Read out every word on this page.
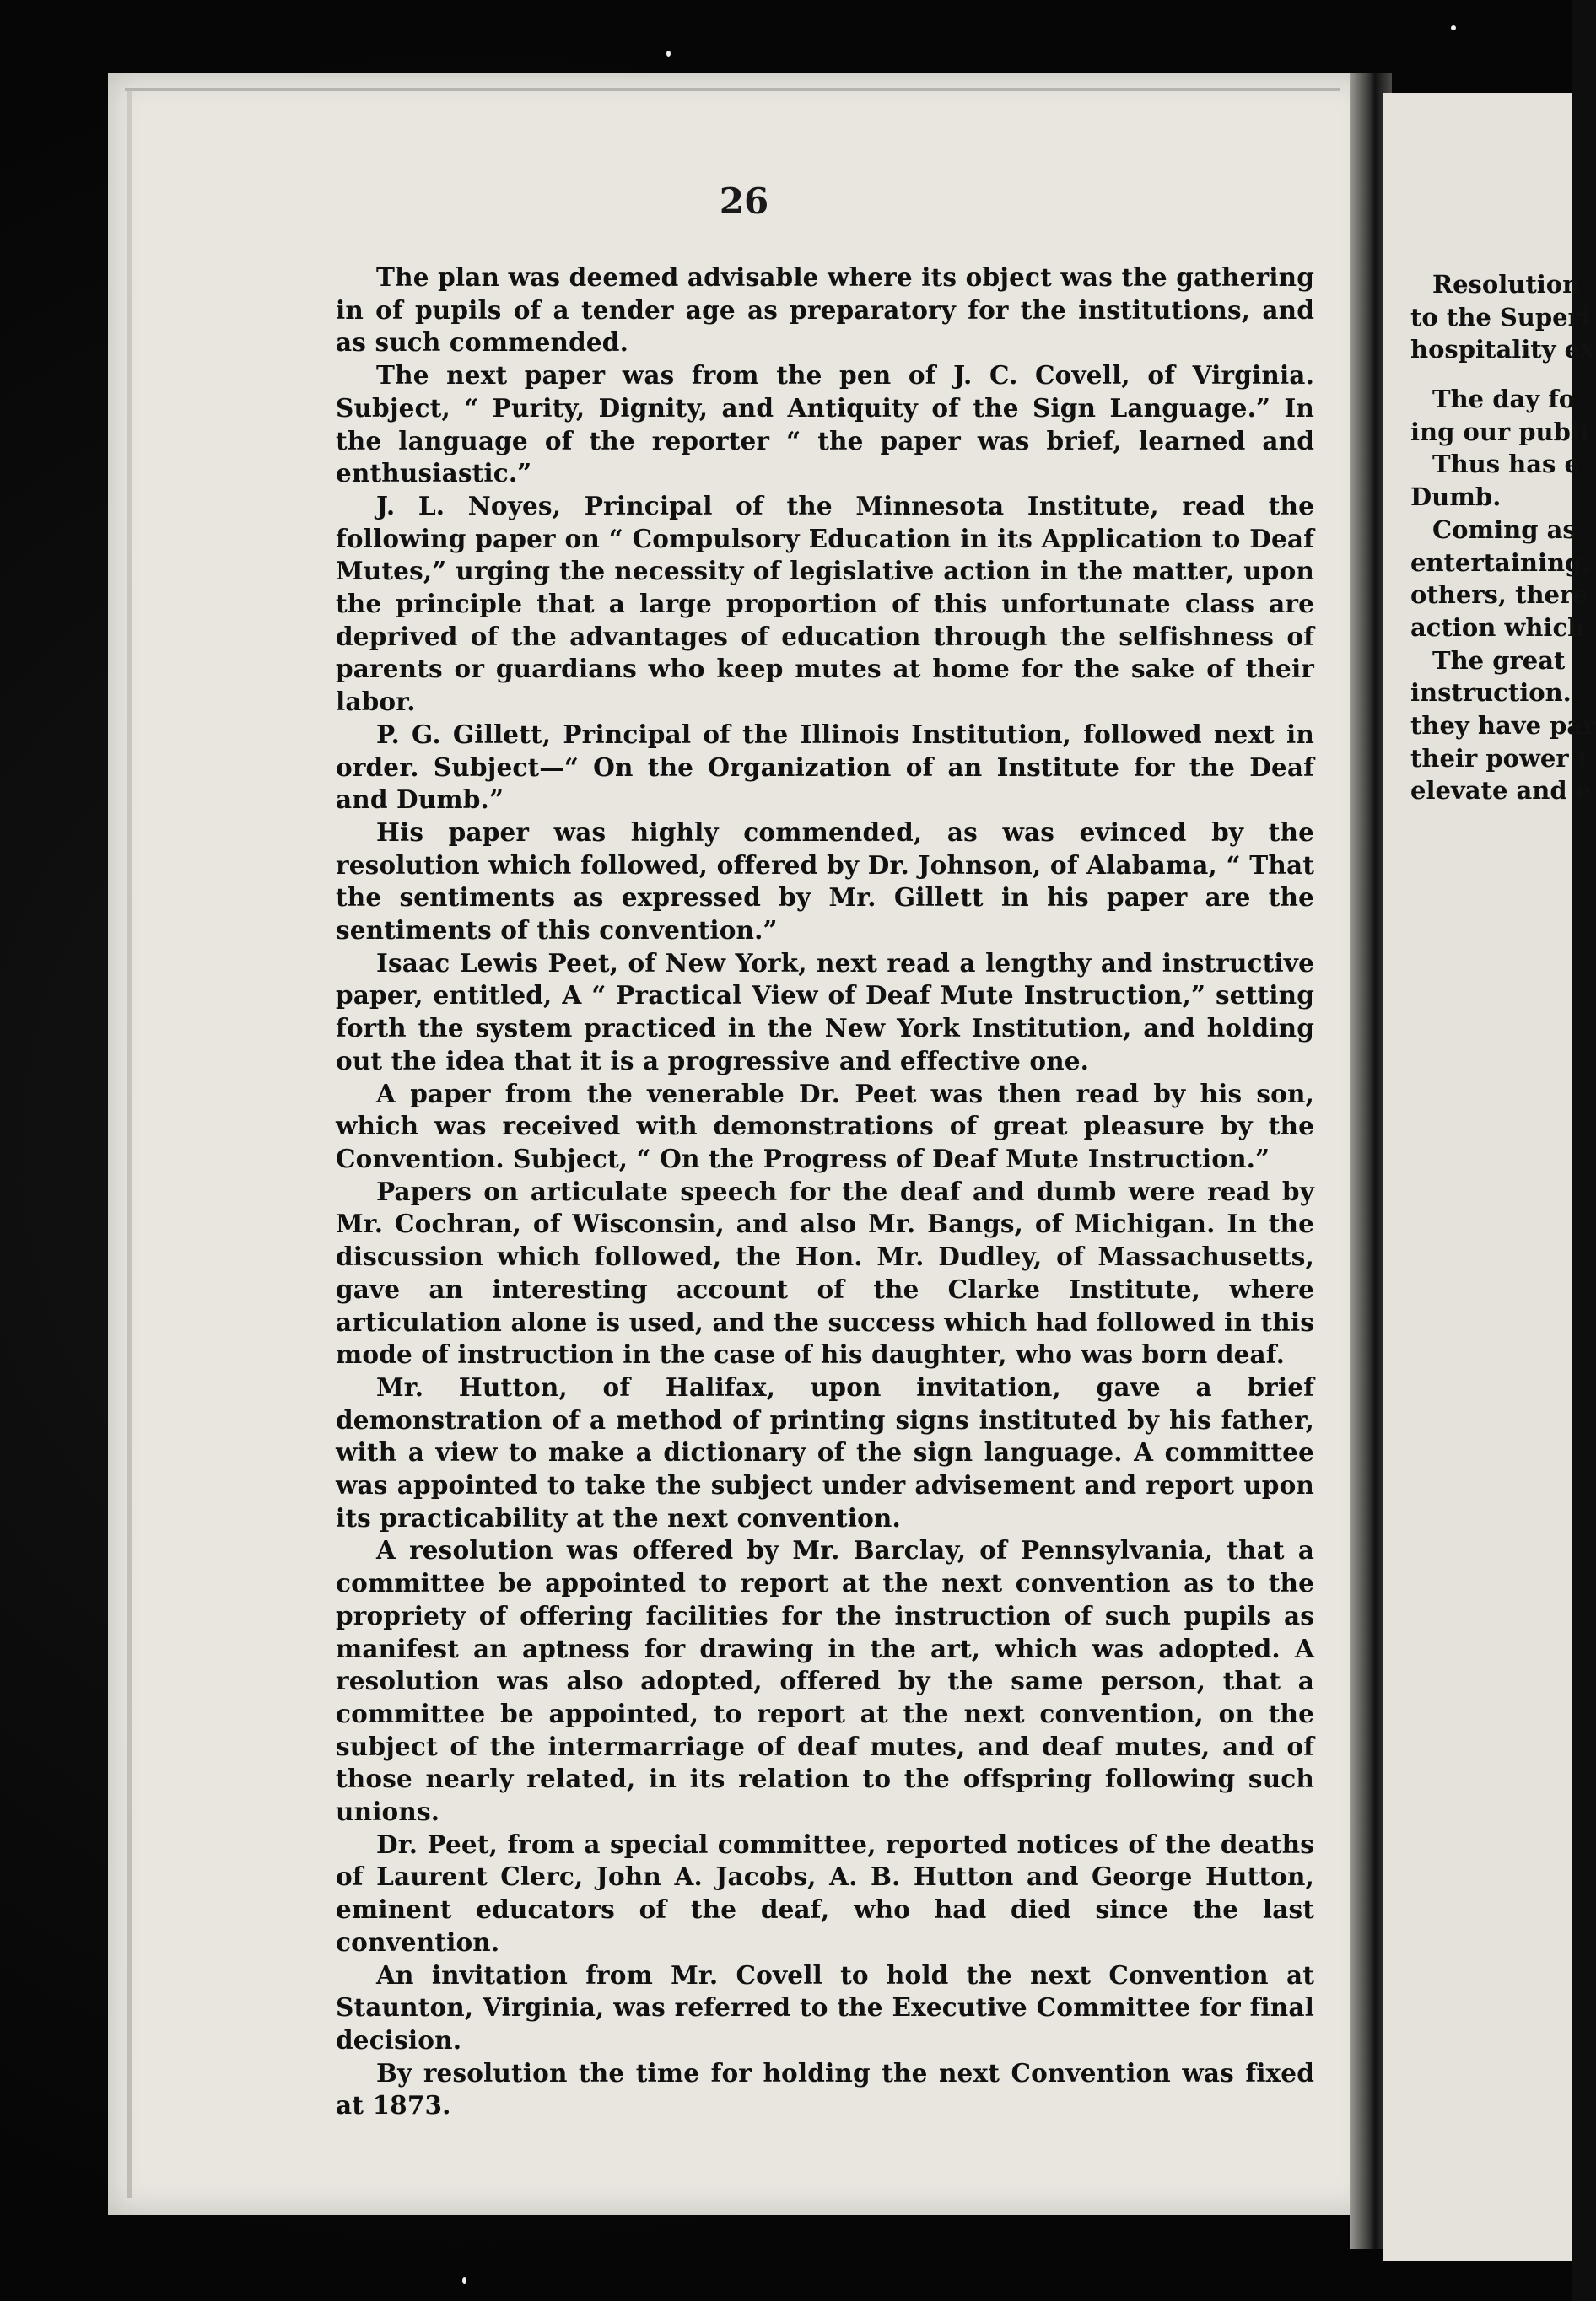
26

The plan was deemed advisable where its object was the gathering in of pupils of a tender age as preparatory for the institutions, and as such commended.

The next paper was from the pen of J. C. Covell, of Virginia. Subject, “ Purity, Dignity, and Antiquity of the Sign Language.” In the language of the reporter “ the paper was brief, learned and enthusiastic.”

J. L. Noyes, Principal of the Minnesota Institute, read the following paper on “ Compulsory Education in its Application to Deaf Mutes,” urging the necessity of legislative action in the matter, upon the principle that a large proportion of this unfortunate class are deprived of the advantages of education through the selfishness of parents or guardians who keep mutes at home for the sake of their labor.

P. G. Gillett, Principal of the Illinois Institution, followed next in order. Subject—“ On the Organization of an Institute for the Deaf and Dumb.”

His paper was highly commended, as was evinced by the resolution which followed, offered by Dr. Johnson, of Alabama, “ That the sentiments as expressed by Mr. Gillett in his paper are the sentiments of this convention.”

Isaac Lewis Peet, of New York, next read a lengthy and instructive paper, entitled, A “ Practical View of Deaf Mute Instruction,” setting forth the system practiced in the New York Institution, and holding out the idea that it is a progressive and effective one.

A paper from the venerable Dr. Peet was then read by his son, which was received with demonstrations of great pleasure by the Convention. Subject, “ On the Progress of Deaf Mute Instruction.”

Papers on articulate speech for the deaf and dumb were read by Mr. Cochran, of Wisconsin, and also Mr. Bangs, of Michigan. In the discussion which followed, the Hon. Mr. Dudley, of Massachusetts, gave an interesting account of the Clarke Institute, where articulation alone is used, and the success which had followed in this mode of instruction in the case of his daughter, who was born deaf.

Mr. Hutton, of Halifax, upon invitation, gave a brief demonstration of a method of printing signs instituted by his father, with a view to make a dictionary of the sign language. A committee was appointed to take the subject under advisement and report upon its practicability at the next convention.

A resolution was offered by Mr. Barclay, of Pennsylvania, that a committee be appointed to report at the next convention as to the propriety of offering facilities for the instruction of such pupils as manifest an aptness for drawing in the art, which was adopted. A resolution was also adopted, offered by the same person, that a committee be appointed, to report at the next convention, on the subject of the intermarriage of deaf mutes, and deaf mutes, and of those nearly related, in its relation to the offspring following such unions.

Dr. Peet, from a special committee, reported notices of the deaths of Laurent Clerc, John A. Jacobs, A. B. Hutton and George Hutton, eminent educators of the deaf, who had died since the last convention.

An invitation from Mr. Covell to hold the next Convention at Staunton, Virginia, was referred to the Executive Committee for final decision.

By resolution the time for holding the next Convention was fixed at 1873.

Resolution
to the Superi
hospitality ex
The day fo
ing our publi
Thus has e
Dumb.
Coming as
entertaining,
others, there
action which
The great
instruction.
they have par
their power t
elevate and e
